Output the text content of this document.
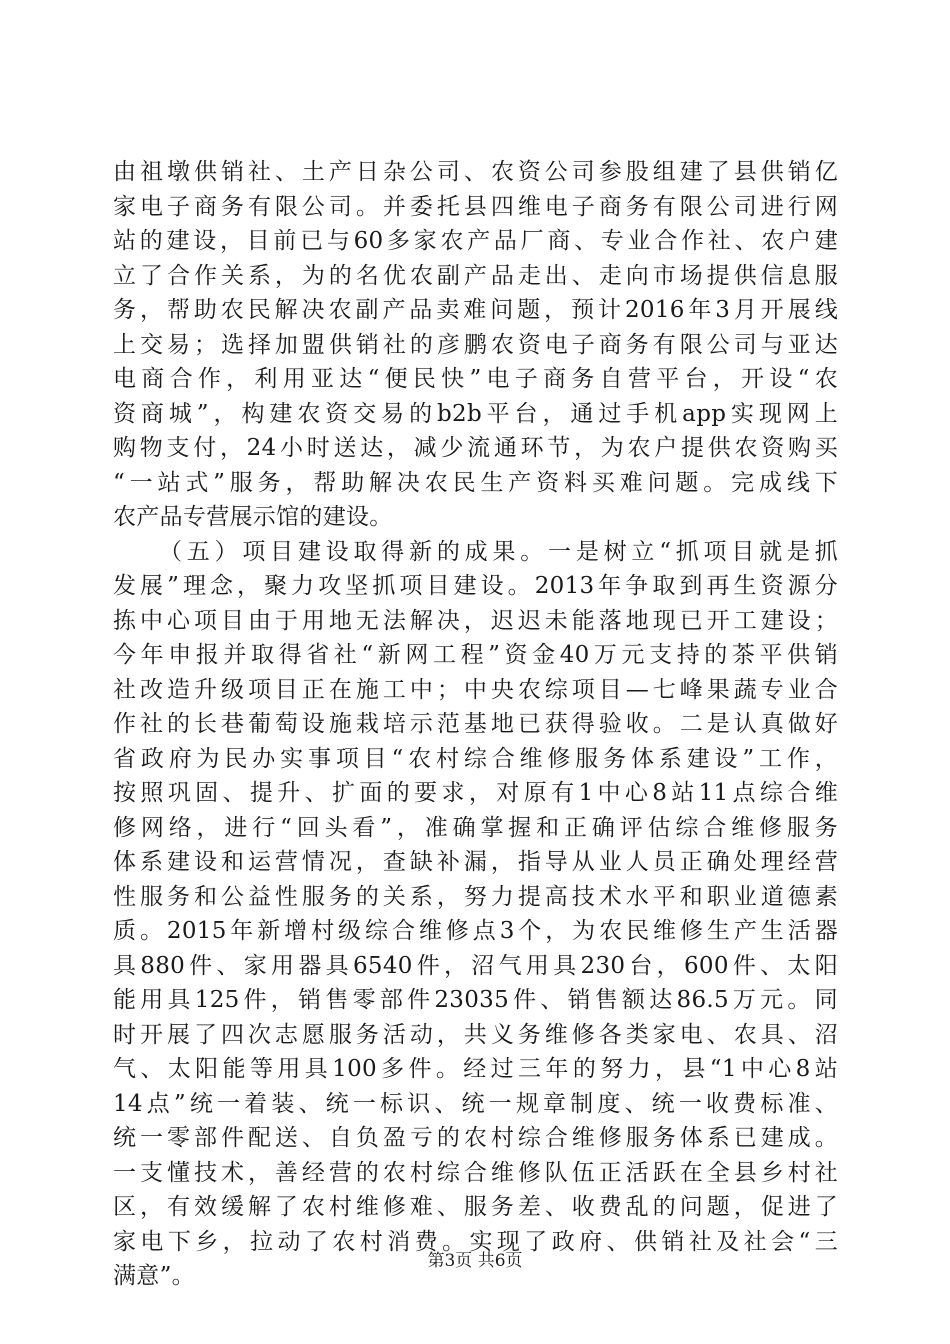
由祖墩供销社、土产日杂公司、农资公司参股组建了县供销亿
家电子商务有限公司。并委托县四维电子商务有限公司进行网
站的建设，目前已与60多家农产品厂商、专业合作社、农户建
立了合作关系，为的名优农副产品走出、走向市场提供信息服
务，帮助农民解决农副产品卖难问题，预计2016年3月开展线
上交易；选择加盟供销社的彦鹏农资电子商务有限公司与亚达
电商合作，利用亚达“便民快”电子商务自营平台，开设“农
资商城”，构建农资交易的b2b平台，通过手机app实现网上
购物支付，24小时送达，减少流通环节，为农户提供农资购买
“一站式”服务，帮助解决农民生产资料买难问题。完成线下
农产品专营展示馆的建设。
（五）项目建设取得新的成果。一是树立“抓项目就是抓
发展”理念，聚力攻坚抓项目建设。2013年争取到再生资源分
拣中心项目由于用地无法解决，迟迟未能落地现已开工建设；
今年申报并取得省社“新网工程”资金40万元支持的茶平供销
社改造升级项目正在施工中；中央农综项目—七峰果蔬专业合
作社的长巷葡萄设施栽培示范基地已获得验收。二是认真做好
省政府为民办实事项目“农村综合维修服务体系建设”工作，
按照巩固、提升、扩面的要求，对原有1中心8站11点综合维
修网络，进行“回头看”，准确掌握和正确评估综合维修服务
体系建设和运营情况，查缺补漏，指导从业人员正确处理经营
性服务和公益性服务的关系，努力提高技术水平和职业道德素
质。2015年新增村级综合维修点3个，为农民维修生产生活器
具880件、家用器具6540件，沼气用具230台，600件、太阳
能用具125件，销售零部件23035件、销售额达86.5万元。同
时开展了四次志愿服务活动，共义务维修各类家电、农具、沼
气、太阳能等用具100多件。经过三年的努力，县“1中心8站
14点”统一着装、统一标识、统一规章制度、统一收费标准、
统一零部件配送、自负盈亏的农村综合维修服务体系已建成。
一支懂技术，善经营的农村综合维修队伍正活跃在全县乡村社
区，有效缓解了农村维修难、服务差、收费乱的问题，促进了
家电下乡，拉动了农村消费。实现了政府、供销社及社会“三
满意”。
第3页 共6页
